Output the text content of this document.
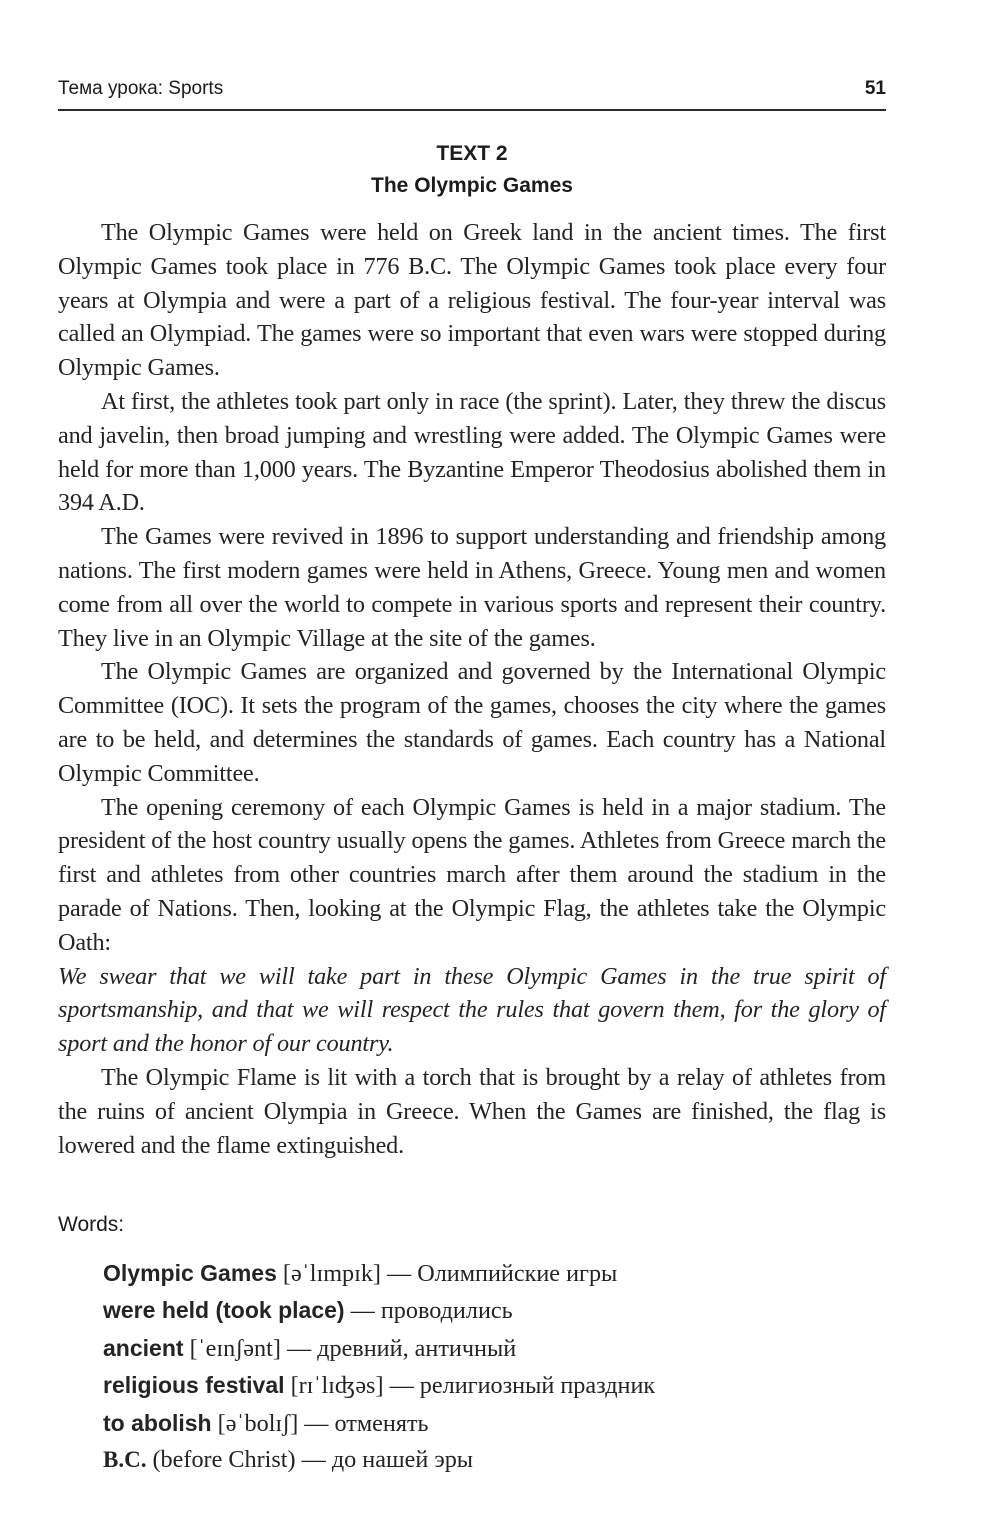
Тема урока: Sports	51
TEXT 2
The Olympic Games

The Olympic Games were held on Greek land in the ancient times. The first Olympic Games took place in 776 B.C. The Olympic Games took place every four years at Olympia and were a part of a religious festival. The four-year interval was called an Olympiad. The games were so important that even wars were stopped during Olympic Games.

At first, the athletes took part only in race (the sprint). Later, they threw the discus and javelin, then broad jumping and wrestling were added. The Olympic Games were held for more than 1,000 years. The Byzantine Emperor Theodosius abolished them in 394 A.D.

The Games were revived in 1896 to support understanding and friendship among nations. The first modern games were held in Athens, Greece. Young men and women come from all over the world to compete in various sports and represent their country. They live in an Olympic Village at the site of the games.

The Olympic Games are organized and governed by the International Olympic Committee (IOC). It sets the program of the games, chooses the city where the games are to be held, and determines the standards of games. Each country has a National Olympic Committee.

The opening ceremony of each Olympic Games is held in a major stadium. The president of the host country usually opens the games. Athletes from Greece march the first and athletes from other countries march after them around the stadium in the parade of Nations. Then, looking at the Olympic Flag, the athletes take the Olympic Oath:

We swear that we will take part in these Olympic Games in the true spirit of sportsmanship, and that we will respect the rules that govern them, for the glory of sport and the honor of our country.

The Olympic Flame is lit with a torch that is brought by a relay of athletes from the ruins of ancient Olympia in Greece. When the Games are finished, the flag is lowered and the flame extinguished.

Words:
Olympic Games [əˈlɪmpɪk] — Олимпийские игры
were held (took place) — проводились
ancient [ˈeɪnʃənt] — древний, античный
religious festival [rɪˈlɪʤəs] — религиозный праздник
to abolish [əˈbolɪʃ] — отменять
B.C. (before Christ) — до нашей эры
